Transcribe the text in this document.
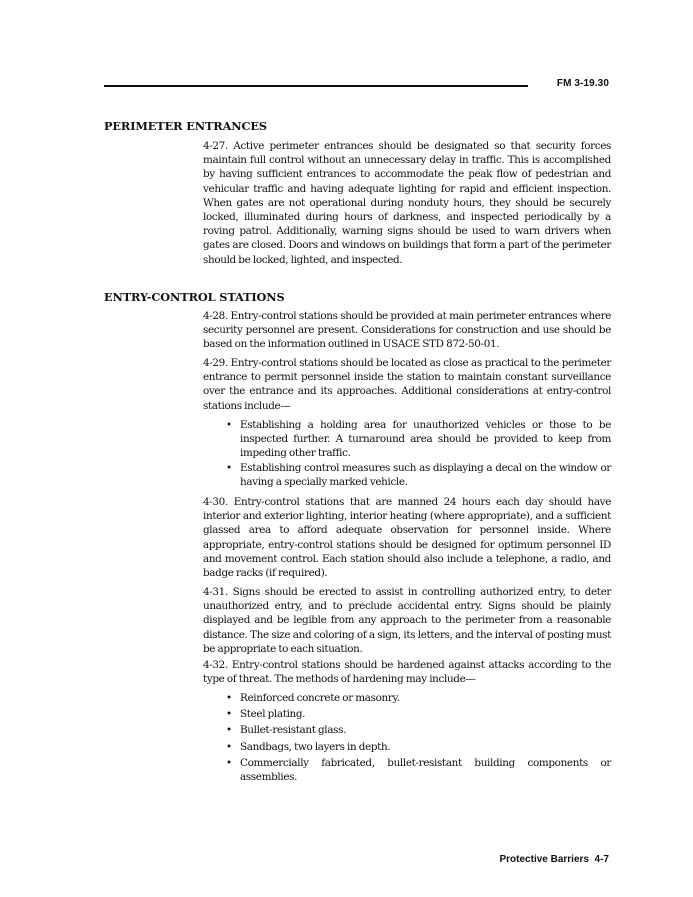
FM 3-19.30
PERIMETER ENTRANCES

4-27. Active perimeter entrances should be designated so that security forces maintain full control without an unnecessary delay in traffic. This is accomplished by having sufficient entrances to accommodate the peak flow of pedestrian and vehicular traffic and having adequate lighting for rapid and efficient inspection. When gates are not operational during nonduty hours, they should be securely locked, illuminated during hours of darkness, and inspected periodically by a roving patrol. Additionally, warning signs should be used to warn drivers when gates are closed. Doors and windows on buildings that form a part of the perimeter should be locked, lighted, and inspected.

ENTRY-CONTROL STATIONS

4-28. Entry-control stations should be provided at main perimeter entrances where security personnel are present. Considerations for construction and use should be based on the information outlined in USACE STD 872-50-01.

4-29. Entry-control stations should be located as close as practical to the perimeter entrance to permit personnel inside the station to maintain constant surveillance over the entrance and its approaches. Additional considerations at entry-control stations include—

• Establishing a holding area for unauthorized vehicles or those to be inspected further. A turnaround area should be provided to keep from impeding other traffic.
• Establishing control measures such as displaying a decal on the window or having a specially marked vehicle.

4-30. Entry-control stations that are manned 24 hours each day should have interior and exterior lighting, interior heating (where appropriate), and a sufficient glassed area to afford adequate observation for personnel inside. Where appropriate, entry-control stations should be designed for optimum personnel ID and movement control. Each station should also include a telephone, a radio, and badge racks (if required).

4-31. Signs should be erected to assist in controlling authorized entry, to deter unauthorized entry, and to preclude accidental entry. Signs should be plainly displayed and be legible from any approach to the perimeter from a reasonable distance. The size and coloring of a sign, its letters, and the interval of posting must be appropriate to each situation.

4-32. Entry-control stations should be hardened against attacks according to the type of threat. The methods of hardening may include—

• Reinforced concrete or masonry.
• Steel plating.
• Bullet-resistant glass.
• Sandbags, two layers in depth.
• Commercially fabricated, bullet-resistant building components or assemblies.
Protective Barriers  4-7
